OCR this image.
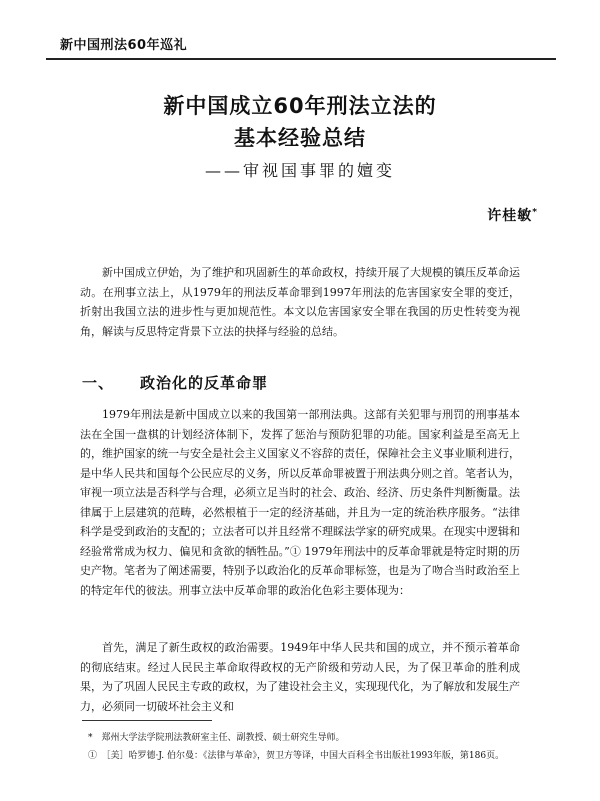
新中国刑法60年巡礼
新中国成立60年刑法立法的
基本经验总结
——审视国事罪的嬗变
许桂敏*

新中国成立伊始，为了维护和巩固新生的革命政权，持续开展了大规模的镇压反革命运动。在刑事立法上，从1979年的刑法反革命罪到1997年刑法的危害国家安全罪的变迁，折射出我国立法的进步性与更加规范性。本文以危害国家安全罪在我国的历史性转变为视角，解读与反思特定背景下立法的抉择与经验的总结。

一、 政治化的反革命罪

1979年刑法是新中国成立以来的我国第一部刑法典。这部有关犯罪与刑罚的刑事基本法在全国一盘棋的计划经济体制下，发挥了惩治与预防犯罪的功能。国家利益是至高无上的，维护国家的统一与安全是社会主义国家义不容辞的责任，保障社会主义事业顺利进行，是中华人民共和国每个公民应尽的义务，所以反革命罪被置于刑法典分则之首。笔者认为，审视一项立法是否科学与合理，必须立足当时的社会、政治、经济、历史条件判断衡量。法律属于上层建筑的范畴，必然根植于一定的经济基础，并且为一定的统治秩序服务。“法律科学是受到政治的支配的；立法者可以并且经常不理睬法学家的研究成果。在现实中逻辑和经验常常成为权力、偏见和贪欲的牺牲品。”① 1979年刑法中的反革命罪就是特定时期的历史产物。笔者为了阐述需要，特别予以政治化的反革命罪标签，也是为了吻合当时政治至上的特定年代的彼法。刑事立法中反革命罪的政治化色彩主要体现为：

首先，满足了新生政权的政治需要。1949年中华人民共和国的成立，并不预示着革命的彻底结束。经过人民民主革命取得政权的无产阶级和劳动人民，为了保卫革命的胜利成果，为了巩固人民民主专政的政权，为了建设社会主义，实现现代化，为了解放和发展生产力，必须同一切破坏社会主义和

*　郑州大学法学院刑法教研室主任、副教授、硕士研究生导师。

①　［美］哈罗德·J. 伯尔曼：《法律与革命》，贺卫方等译，中国大百科全书出版社1993年版，第186页。
